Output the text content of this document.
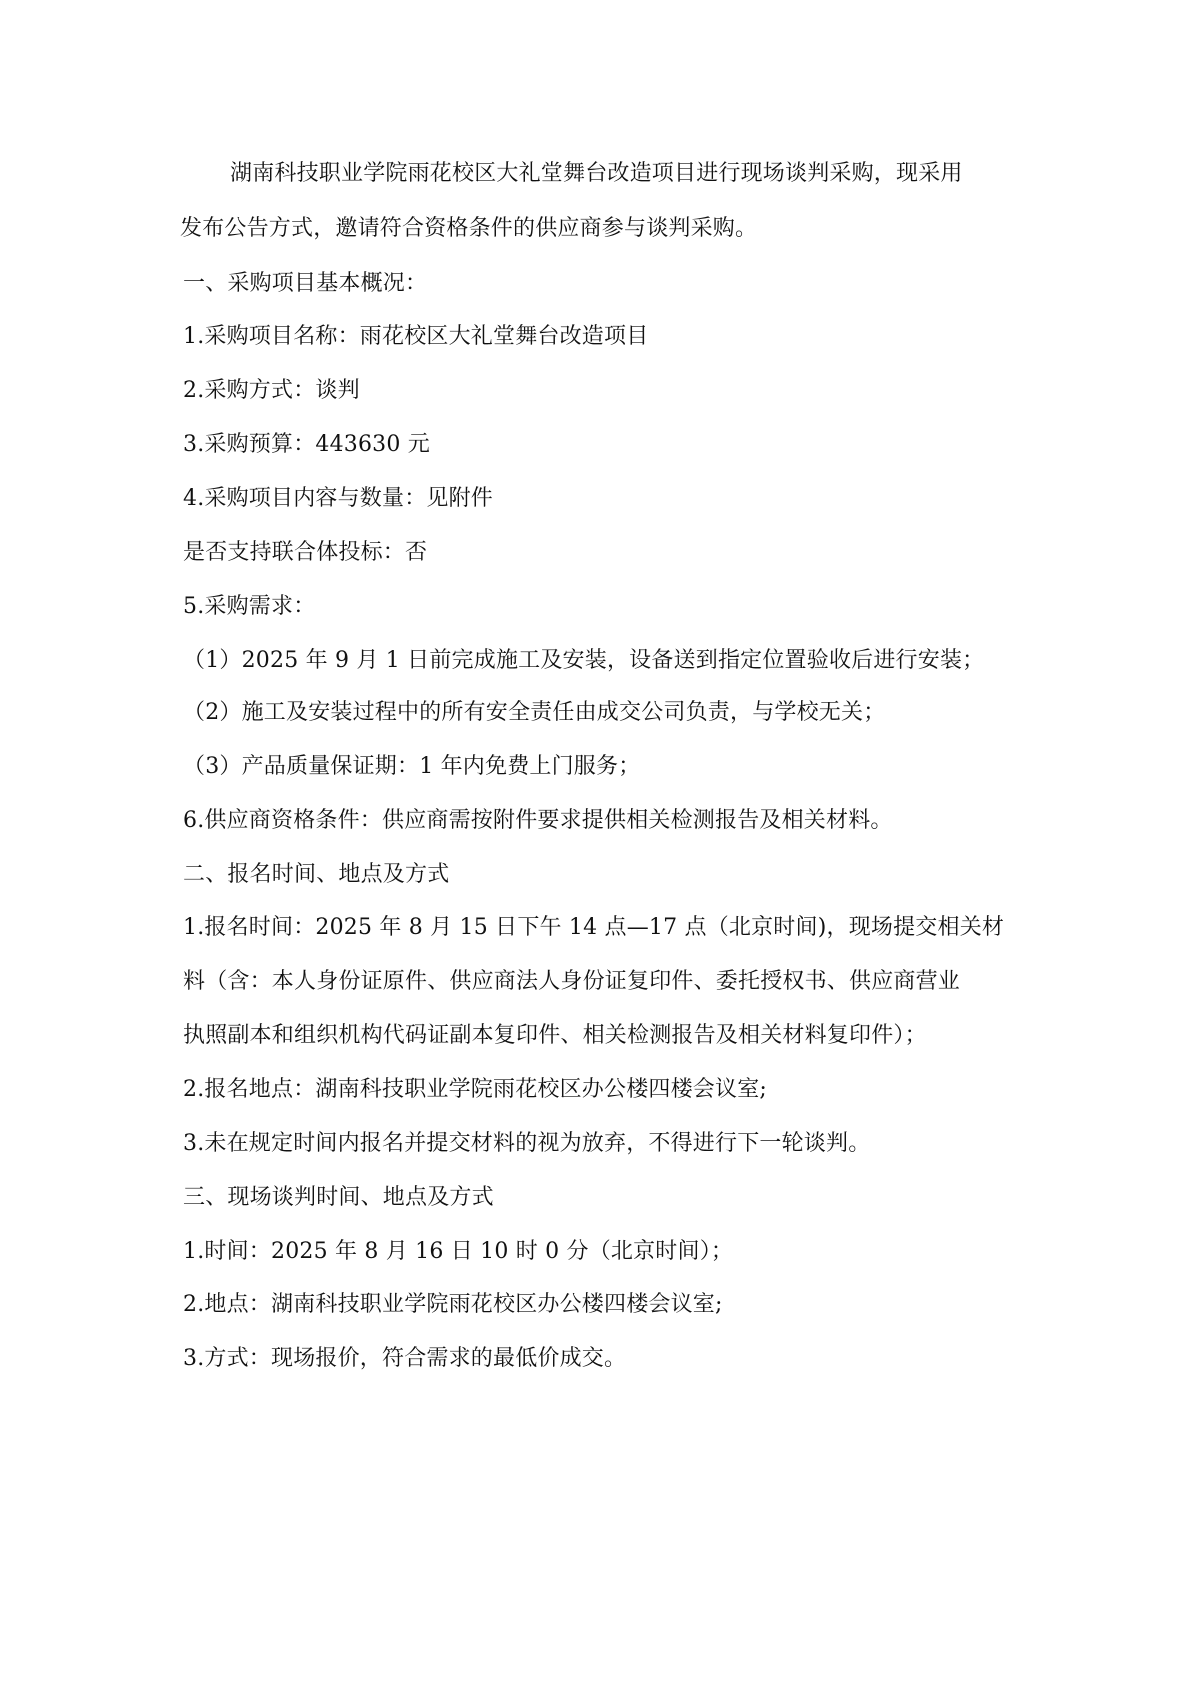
湖南科技职业学院雨花校区大礼堂舞台改造项目进行现场谈判采购，现采用
发布公告方式，邀请符合资格条件的供应商参与谈判采购。
一、采购项目基本概况：
1.采购项目名称：雨花校区大礼堂舞台改造项目
2.采购方式：谈判
3.采购预算：443630 元
4.采购项目内容与数量：见附件
是否支持联合体投标：否
5.采购需求：
（1）2025 年 9 月 1 日前完成施工及安装，设备送到指定位置验收后进行安装；
（2）施工及安装过程中的所有安全责任由成交公司负责，与学校无关；
（3）产品质量保证期：1 年内免费上门服务；
6.供应商资格条件：供应商需按附件要求提供相关检测报告及相关材料。
二、报名时间、地点及方式
1.报名时间：2025 年 8 月 15 日下午 14 点—17 点（北京时间)，现场提交相关材
料（含：本人身份证原件、供应商法人身份证复印件、委托授权书、供应商营业
执照副本和组织机构代码证副本复印件、相关检测报告及相关材料复印件）；
2.报名地点：湖南科技职业学院雨花校区办公楼四楼会议室;
3.未在规定时间内报名并提交材料的视为放弃，不得进行下一轮谈判。
三、现场谈判时间、地点及方式
1.时间：2025 年 8 月 16 日 10 时 0 分（北京时间）；
2.地点：湖南科技职业学院雨花校区办公楼四楼会议室;
3.方式：现场报价，符合需求的最低价成交。
